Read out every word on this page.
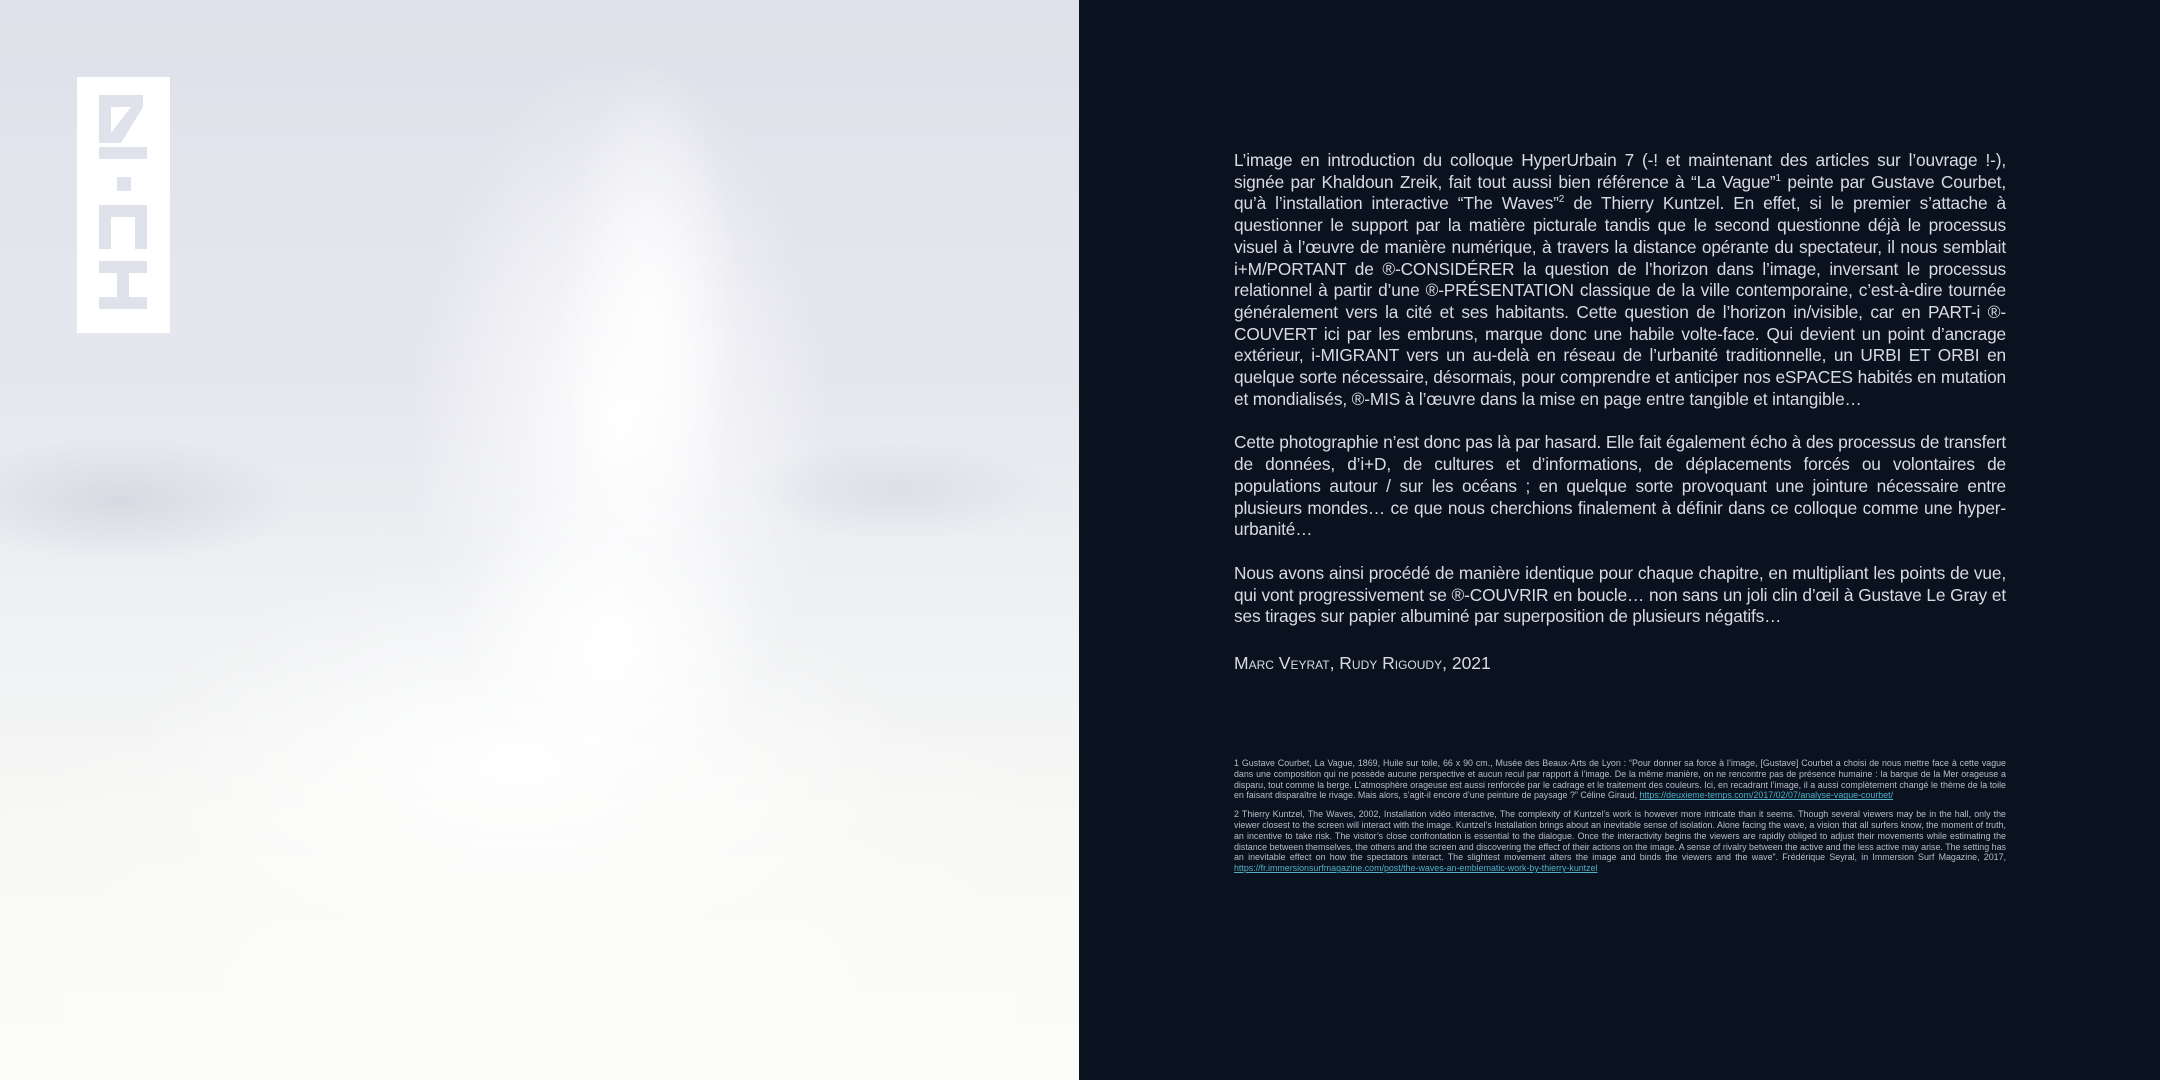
L’image en introduction du colloque HyperUrbain 7 (-! et maintenant des articles sur l’ouvrage !-), signée par Khaldoun Zreik, fait tout aussi bien référence à “La Vague”$^1$ peinte par Gustave Courbet, qu’à l’installation interactive “The Waves”$^2$ de Thierry Kuntzel. En effet, si le premier s’attache à questionner le support par la matière picturale tandis que le second questionne déjà le processus visuel à l’œuvre de manière numérique, à travers la distance opérante du spectateur, il nous semblait i+M/PORTANT de ®-CONSIDÉRER la question de l’horizon dans l’image, inversant le processus relationnel à partir d’une ®-PRÉSENTATION classique de la ville contemporaine, c’est-à-dire tournée généralement vers la cité et ses habitants. Cette question de l’horizon in/visible, car en PART-i ®-COUVERT ici par les embruns, marque donc une habile volte-face. Qui devient un point d’ancrage extérieur, i-MIGRANT vers un au-delà en réseau de l’urbanité traditionnelle, un URBI ET ORBI en quelque sorte nécessaire, désormais, pour comprendre et anticiper nos eSPACES habités en mutation et mondialisés, ®-MIS à l’œuvre dans la mise en page entre tangible et intangible…

Cette photographie n’est donc pas là par hasard. Elle fait également écho à des processus de transfert de données, d’i+D, de cultures et d’informations, de déplacements forcés ou volontaires de populations autour / sur les océans ; en quelque sorte provoquant une jointure nécessaire entre plusieurs mondes… ce que nous cherchions finalement à définir dans ce colloque comme une hyper-urbanité…

Nous avons ainsi procédé de manière identique pour chaque chapitre, en multipliant les points de vue, qui vont progressivement se ®-COUVRIR en boucle… non sans un joli clin d’œil à Gustave Le Gray et ses tirages sur papier albuminé par superposition de plusieurs négatifs…

Marc Veyrat, Rudy Rigoudy, 2021

1 Gustave Courbet, La Vague, 1869, Huile sur toile, 66 x 90 cm., Musée des Beaux-Arts de Lyon : “Pour donner sa force à l’image, [Gustave] Courbet a choisi de nous mettre face à cette vague dans une composition qui ne possède aucune perspective et aucun recul par rapport à l’image. De la même manière, on ne rencontre pas de présence humaine : la barque de la Mer orageuse a disparu, tout comme la berge. L’atmosphère orageuse est aussi renforcée par le cadrage et le traitement des couleurs. Ici, en recadrant l’image, il a aussi complètement changé le thème de la toile en faisant disparaître le rivage. Mais alors, s’agit-il encore d’une peinture de paysage ?” Céline Giraud, https://deuxieme-temps.com/2017/02/07/analyse-vague-courbet/

2 Thierry Kuntzel, The Waves, 2002, Installation vidéo interactive, The complexity of Kuntzel’s work is however more intricate than it seems. Though several viewers may be in the hall, only the viewer closest to the screen will interact with the image. Kuntzel’s Installation brings about an inevitable sense of isolation. Alone facing the wave, a vision that all surfers know, the moment of truth, an incentive to take risk. The visitor’s close confrontation is essential to the dialogue. Once the interactivity begins the viewers are rapidly obliged to adjust their movements while estimating the distance between themselves, the others and the screen and discovering the effect of their actions on the image. A sense of rivalry between the active and the less active may arise. The setting has an inevitable effect on how the spectators interact. The slightest movement alters the image and binds the viewers and the wave”. Frédérique Seyral, in Immersion Surf Magazine, 2017, https://fr.immersionsurfmagazine.com/post/the-waves-an-emblematic-work-by-thierry-kuntzel
